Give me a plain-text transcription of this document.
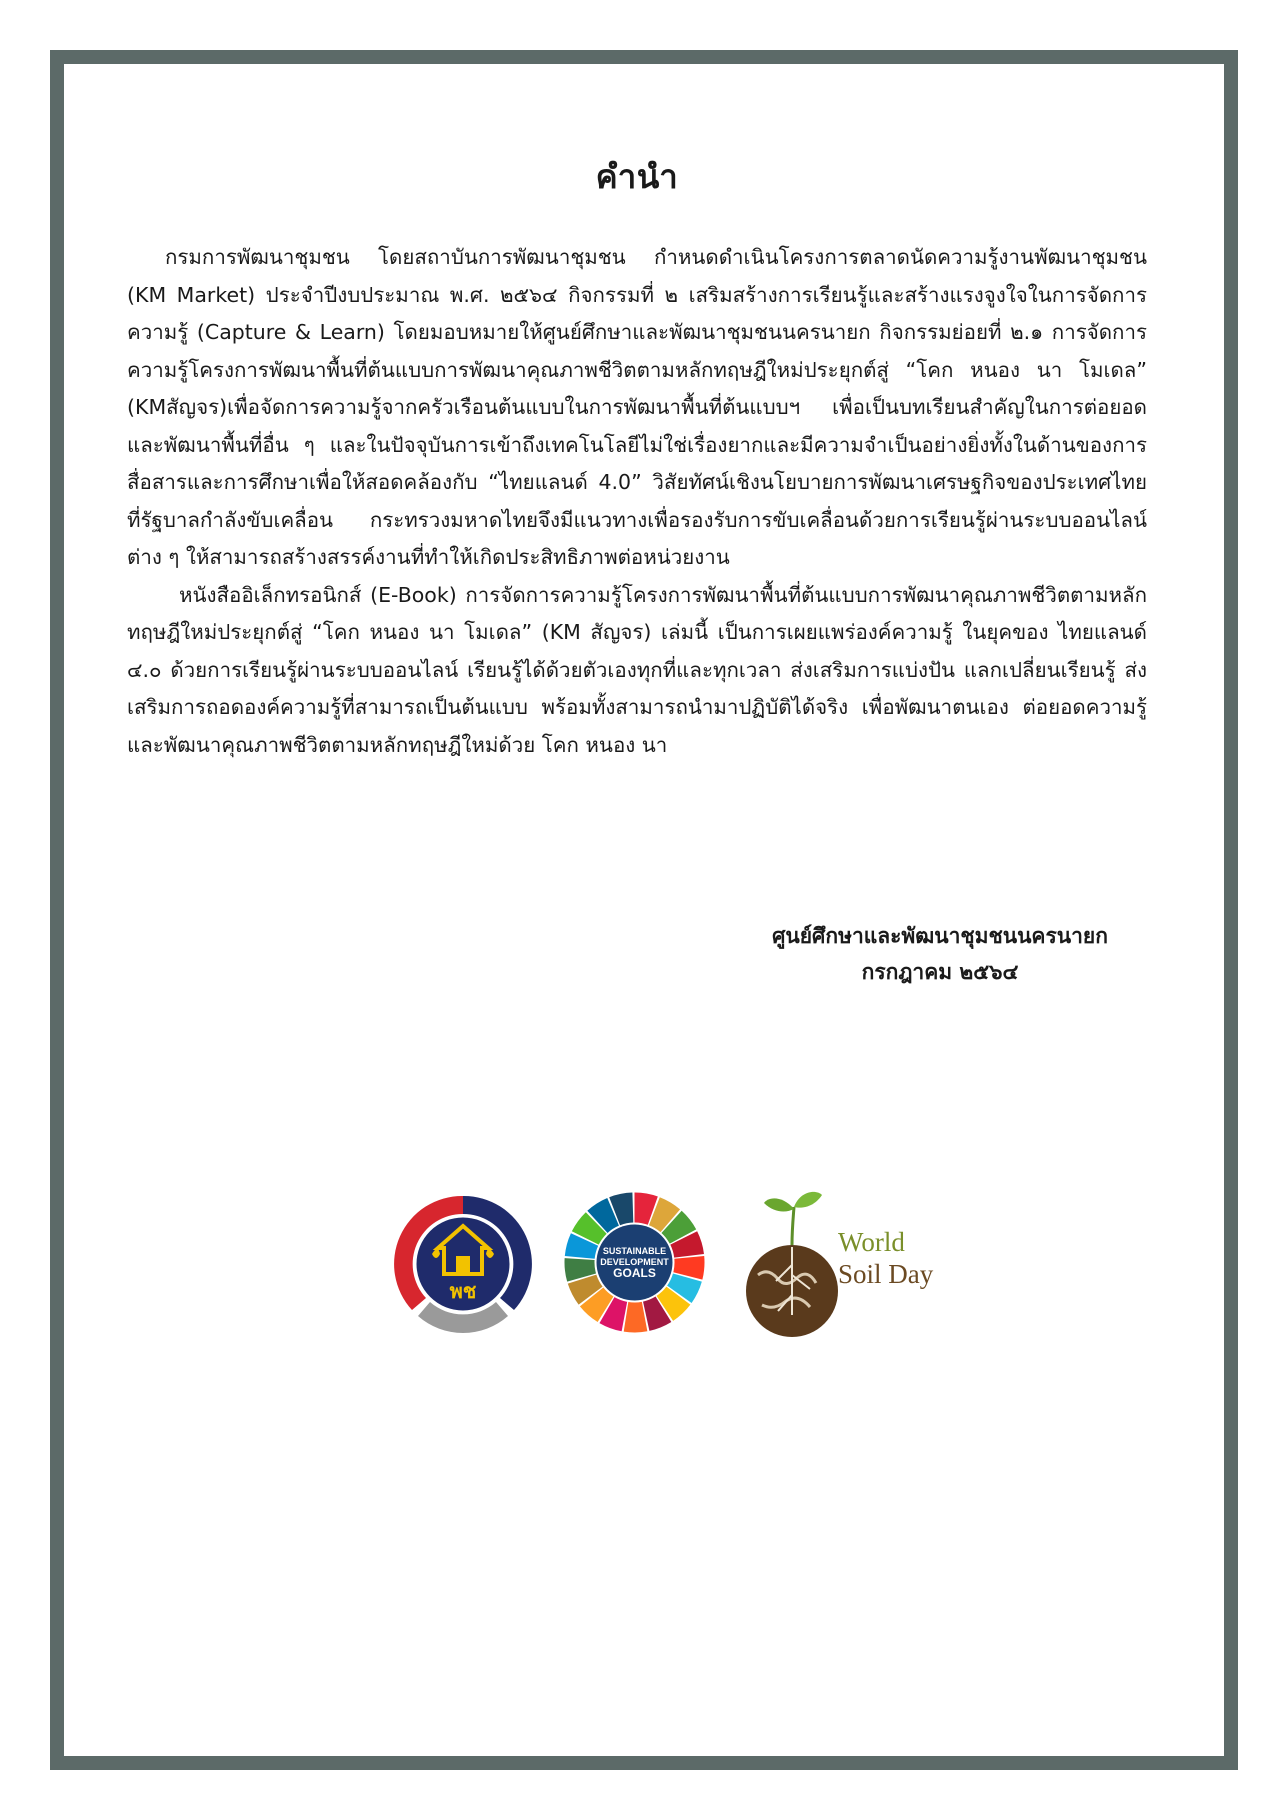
คำนำ

กรมการพัฒนาชุมชน โดยสถาบันการพัฒนาชุมชน กำหนดดำเนินโครงการตลาดนัดความรู้งานพัฒนาชุมชน (KM Market) ประจำปีงบประมาณ พ.ศ. ๒๕๖๔ กิจกรรมที่ ๒ เสริมสร้างการเรียนรู้และสร้างแรงจูงใจในการจัดการความรู้ (Capture & Learn) โดยมอบหมายให้ศูนย์ศึกษาและพัฒนาชุมชนนครนายก กิจกรรมย่อยที่ ๒.๑ การจัดการความรู้โครงการพัฒนาพื้นที่ต้นแบบการพัฒนาคุณภาพชีวิตตามหลักทฤษฎีใหม่ประยุกต์สู่ “โคก หนอง นา โมเดล” (KMสัญจร)เพื่อจัดการความรู้จากครัวเรือนต้นแบบในการพัฒนาพื้นที่ต้นแบบฯ เพื่อเป็นบทเรียนสำคัญในการต่อยอดและพัฒนาพื้นที่อื่น ๆ และในปัจจุบันการเข้าถึงเทคโนโลยีไม่ใช่เรื่องยากและมีความจำเป็นอย่างยิ่งทั้งในด้านของการสื่อสารและการศึกษาเพื่อให้สอดคล้องกับ “ไทยแลนด์ 4.0” วิสัยทัศน์เชิงนโยบายการพัฒนาเศรษฐกิจของประเทศไทย ที่รัฐบาลกำลังขับเคลื่อน กระทรวงมหาดไทยจึงมีแนวทางเพื่อรองรับการขับเคลื่อนด้วยการเรียนรู้ผ่านระบบออนไลน์ต่าง ๆ ให้สามารถสร้างสรรค์งานที่ทำให้เกิดประสิทธิภาพต่อหน่วยงาน

หนังสืออิเล็กทรอนิกส์ (E-Book) การจัดการความรู้โครงการพัฒนาพื้นที่ต้นแบบการพัฒนาคุณภาพชีวิตตามหลักทฤษฎีใหม่ประยุกต์สู่ “โคก หนอง นา โมเดล” (KM สัญจร) เล่มนี้ เป็นการเผยแพร่องค์ความรู้ ในยุคของ ไทยแลนด์ ๔.๐ ด้วยการเรียนรู้ผ่านระบบออนไลน์ เรียนรู้ได้ด้วยตัวเองทุกที่และทุกเวลา ส่งเสริมการแบ่งปัน แลกเปลี่ยนเรียนรู้ ส่งเสริมการถอดองค์ความรู้ที่สามารถเป็นต้นแบบ พร้อมทั้งสามารถนำมาปฏิบัติได้จริง เพื่อพัฒนาตนเอง ต่อยอดความรู้และพัฒนาคุณภาพชีวิตตามหลักทฤษฎีใหม่ด้วย โคก หนอง นา

ศูนย์ศึกษาและพัฒนาชุมชนนครนายก
กรกฎาคม ๒๕๖๔
พช
SUSTAINABLE
DEVELOPMENT
GOALS
World
Soil Day
